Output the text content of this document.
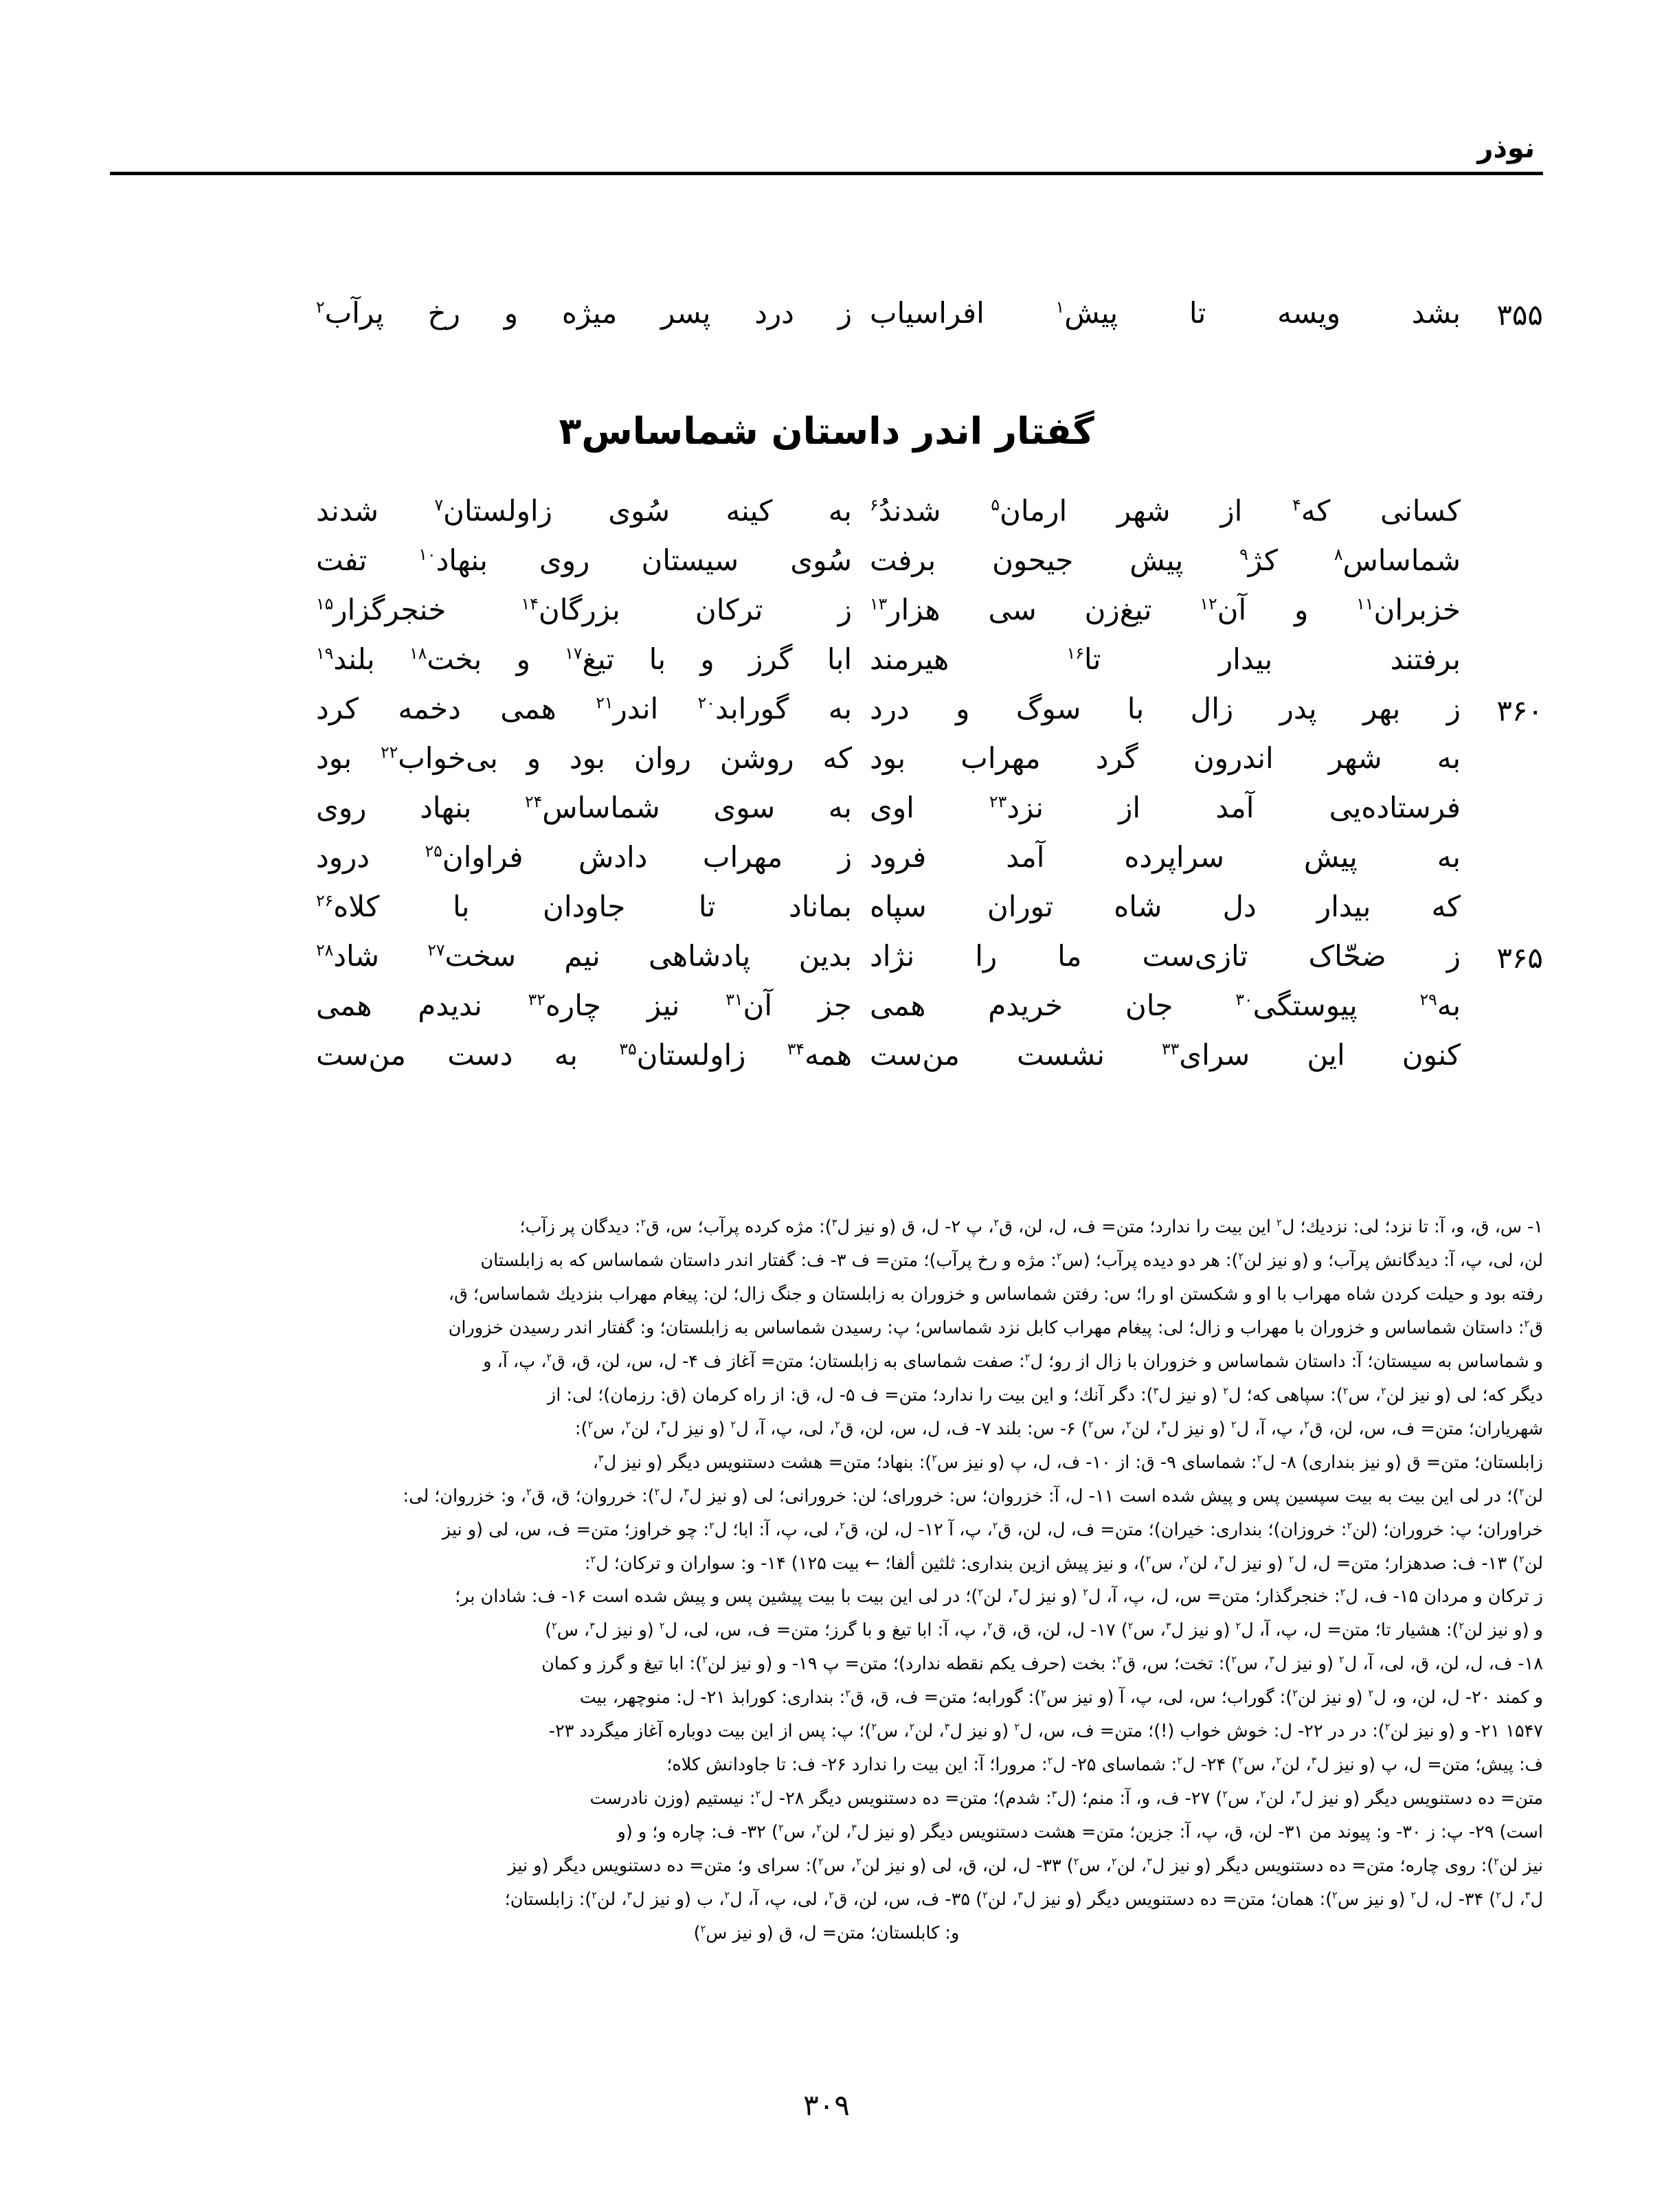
نوذر
گفتار اندر داستان شماساس۳
۳۵۵
بشد ویسه تا پیش$^۱$ افراسیاب
ز درد پسر میژه و رخ پرآب$^۲$
کسانی که$^۴$ از شهر ارمان$^۵$ شدندُ$^۶$
به کینه سُوی زاولستان$^۷$ شدند
شماساس$^۸$ کژ$^۹$ پیش جیحون برفت
سُوی سیستان روی بنهاد$^{۱۰}$ تفت
خزبران$^{۱۱}$ و آن$^{۱۲}$ تیغ‌زن سی هزار$^{۱۳}$
ز ترکان بزرگان$^{۱۴}$ خنجرگزار$^{۱۵}$
برفتند بیدار تا$^{۱۶}$ هیرمند
ابا گرز و با تیغ$^{۱۷}$ و بخت$^{۱۸}$ بلند$^{۱۹}$
۳۶۰
ز بهر پدر زال با سوگ و درد
به گورابد$^{۲۰}$ اندر$^{۲۱}$ همی دخمه کرد
به شهر اندرون گرد مهراب بود
که روشن روان بود و بی‌خواب$^{۲۲}$ بود
فرستاده‌یی آمد از نزد$^{۲۳}$ اوی
به سوی شماساس$^{۲۴}$ بنهاد روی
به پیش سراپرده آمد فرود
ز مهراب دادش فراوان$^{۲۵}$ درود
که بیدار دل شاه توران سپاه
بماناد تا جاودان با کلاه$^{۲۶}$
۳۶۵
ز ضحّاک تازی‌ست ما را نژاد
بدین پادشاهی نیم سخت$^{۲۷}$ شاد$^{۲۸}$
به$^{۲۹}$ پیوستگی$^{۳۰}$ جان خریدم همی
جز آن$^{۳۱}$ نیز چاره$^{۳۲}$ ندیدم همی
کنون این سرای$^{۳۳}$ نشست من‌ست
همه$^{۳۴}$ زاولستان$^{۳۵}$ به دست من‌ست
۱- س، ق، و، آ: تا نزد؛ لی: نزدیك؛ ل$^۲$ این بیت را ندارد؛ متن= ف، ل، لن، ق$^۲$، پ ۲- ل، ق (و نیز ل$^۳$): مژه کرده پرآب؛ س، ق$^۲$: دیدگان پر زآب؛
لن، لی، پ، آ: دیدگانش پرآب؛ و (و نیز لن$^۲$): هر دو دیده پرآب؛ (س$^۲$: مژه و رخ پرآب)؛ متن= ف ۳- ف: گفتار اندر داستان شماساس که به زابلستان
رفته بود و حیلت کردن شاه مهراب با او و شکستن او را؛ س: رفتن شماساس و خزوران به زابلستان و جنگ زال؛ لن: پیغام مهراب بنزدیك شماساس؛ ق،
ق$^۲$: داستان شماساس و خزوران با مهراب و زال؛ لی: پیغام مهراب کابل نزد شماساس؛ پ: رسیدن شماساس به زابلستان؛ و: گفتار اندر رسیدن خزوران
و شماساس به سیستان؛ آ: داستان شماساس و خزوران با زال از رو؛ ل$^۲$: صفت شماسای به زابلستان؛ متن= آغاز ف ۴- ل، س، لن، ق، ق$^۲$، پ، آ، و
دیگر که؛ لی (و نیز لن$^۲$، س$^۲$): سپاهی که؛ ل$^۲$ (و نیز ل$^۳$): دگر آنك؛ و این بیت را ندارد؛ متن= ف ۵- ل، ق: از راه کرمان (ق: رزمان)؛ لی: از
شهریاران؛ متن= ف، س، لن، ق$^۲$، پ، آ، ل$^۲$ (و نیز ل$^۳$، لن$^۲$، س$^۲$) ۶- س: بلند ۷- ف، ل، س، لن، ق$^۲$، لی، پ، آ، ل$^۲$ (و نیز ل$^۳$، لن$^۲$، س$^۲$):
زابلستان؛ متن= ق (و نیز بندارى) ۸- ل$^۲$: شماساى ۹- ق: از ۱۰- ف، ل، پ (و نیز س$^۲$): بنهاد؛ متن= هشت دستنویس دیگر (و نیز ل$^۳$،
لن$^۲$)؛ در لى این بیت به بیت سپسین پس و پیش شده است ۱۱- ل، آ: خزروان؛ س: خروراى؛ لن: خرورانى؛ لی (و نیز ل$^۳$، ل$^۲$): خرروان؛ ق، ق$^۲$، و: خزروان؛ لی:
خراوران؛ پ: خروران؛ (لن$^۲$: خروزان)؛ بندارى: خیران)؛ متن= ف، ل، لن، ق$^۲$، پ، آ ۱۲- ل، لن، ق$^۲$، لی، پ، آ: ابا؛ ل$^۲$: چو خراوز؛ متن= ف، س، لی (و نیز
لن$^۲$) ۱۳- ف: صدهزار؛ متن= ل، ل$^۲$ (و نیز ل$^۳$، لن$^۲$، س$^۲$)، و نیز پیش ازین بندارى: ثلثین ألفا؛ ← بیت ۱۲۵) ۱۴- و: سواران و ترکان؛ ل$^۲$:
ز ترکان و مردان ۱۵- ف، ل$^۲$: خنجرگذار؛ متن= س، ل، پ، آ، ل$^۲$ (و نیز ل$^۳$، لن$^۲$)؛ در لى این بیت با بیت پیشین پس و پیش شده است ۱۶- ف: شادان بر؛
و (و نیز لن$^۲$): هشیار تا؛ متن= ل، پ، آ، ل$^۲$ (و نیز ل$^۳$، س$^۲$) ۱۷- ل، لن، ق، ق$^۲$، پ، آ: ابا تیغ و با گرز؛ متن= ف، س، لی، ل$^۲$ (و نیز ل$^۳$، س$^۲$)
۱۸- ف، ل، لن، ق، لی، آ، ل$^۲$ (و نیز ل$^۳$، س$^۲$): تخت؛ س، ق$^۲$: بخت (حرف یکم نقطه ندارد)؛ متن= پ ۱۹- و (و نیز لن$^۲$): ابا تیغ و گرز و کمان
و کمند ۲۰- ل، لن، و، ل$^۲$ (و نیز لن$^۲$): گوراب؛ س، لی، پ، آ (و نیز س$^۲$): گورابه؛ متن= ف، ق، ق$^۲$: بندارى: کورابذ ۲۱- ل: منوچهر، بیت
۱۵۴۷ ۲۱- و (و نیز لن$^۲$): در در ۲۲- ل: خوش خواب (!)؛ متن= ف، س، ل$^۲$ (و نیز ل$^۳$، لن$^۲$، س$^۲$)؛ پ: پس از این بیت دوباره آغاز میگردد ۲۳-
ف: پیش؛ متن= ل، پ (و نیز ل$^۳$، لن$^۲$، س$^۲$) ۲۴- ل$^۲$: شماساى ۲۵- ل$^۲$: مرورا؛ آ: این بیت را ندارد ۲۶- ف: تا جاودانش کلاه؛
متن= ده دستنویس دیگر (و نیز ل$^۳$، لن$^۲$، س$^۲$) ۲۷- ف، و، آ: منم؛ (ل$^۳$: شدم)؛ متن= ده دستنویس دیگر ۲۸- ل$^۲$: نیستیم (وزن نادرست
است) ۲۹- پ: ز ۳۰- و: پیوند من ۳۱- لن، ق، پ، آ: جزین؛ متن= هشت دستنویس دیگر (و نیز ل$^۳$، لن$^۲$، س$^۲$) ۳۲- ف: چاره و؛ و (و
نیز لن$^۲$): روى چاره؛ متن= ده دستنویس دیگر (و نیز ل$^۳$، لن$^۲$، س$^۲$) ۳۳- ل، لن، ق، لی (و نیز لن$^۲$، س$^۲$): سراى و؛ متن= ده دستنویس دیگر (و نیز
ل$^۳$، ل$^۲$) ۳۴- ل، ل$^۲$ (و نیز س$^۲$): همان؛ متن= ده دستنویس دیگر (و نیز ل$^۳$، لن$^۲$) ۳۵- ف، س، لن، ق$^۲$، لی، پ، آ، ل$^۲$، ب (و نیز ل$^۳$، لن$^۲$): زابلستان؛
و: کابلستان؛ متن= ل، ق (و نیز س$^۲$)
۳۰۹
